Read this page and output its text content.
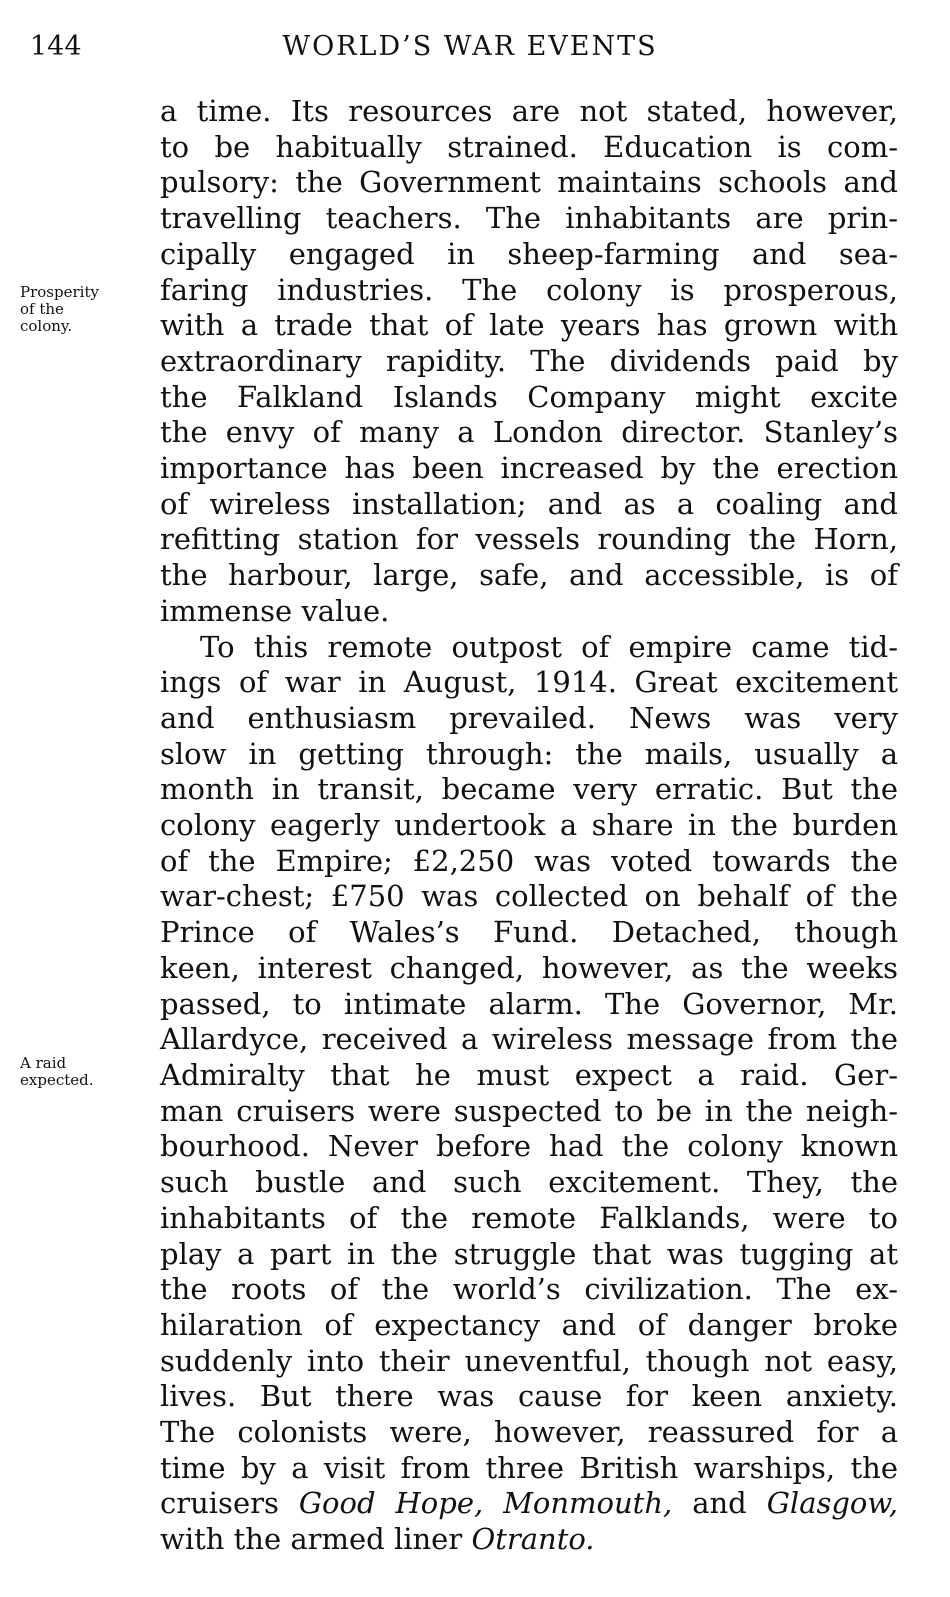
144	WORLD’S WAR EVENTS
Prosperity
of the
colony.
A raid
expected.
a time. Its resources are not stated, however,
to be habitually strained. Education is com-
pulsory: the Government maintains schools and
travelling teachers. The inhabitants are prin-
cipally engaged in sheep-farming and sea-
faring industries. The colony is prosperous,
with a trade that of late years has grown with
extraordinary rapidity. The dividends paid by
the Falkland Islands Company might excite
the envy of many a London director. Stanley’s
importance has been increased by the erection
of wireless installation; and as a coaling and
refitting station for vessels rounding the Horn,
the harbour, large, safe, and accessible, is of
immense value.
To this remote outpost of empire came tid-
ings of war in August, 1914. Great excitement
and enthusiasm prevailed. News was very
slow in getting through: the mails, usually a
month in transit, became very erratic. But the
colony eagerly undertook a share in the burden
of the Empire; £2,250 was voted towards the
war-chest; £750 was collected on behalf of the
Prince of Wales’s Fund. Detached, though
keen, interest changed, however, as the weeks
passed, to intimate alarm. The Governor, Mr.
Allardyce, received a wireless message from the
Admiralty that he must expect a raid. Ger-
man cruisers were suspected to be in the neigh-
bourhood. Never before had the colony known
such bustle and such excitement. They, the
inhabitants of the remote Falklands, were to
play a part in the struggle that was tugging at
the roots of the world’s civilization. The ex-
hilaration of expectancy and of danger broke
suddenly into their uneventful, though not easy,
lives. But there was cause for keen anxiety.
The colonists were, however, reassured for a
time by a visit from three British warships, the
cruisers Good Hope, Monmouth, and Glasgow,
with the armed liner Otranto.
